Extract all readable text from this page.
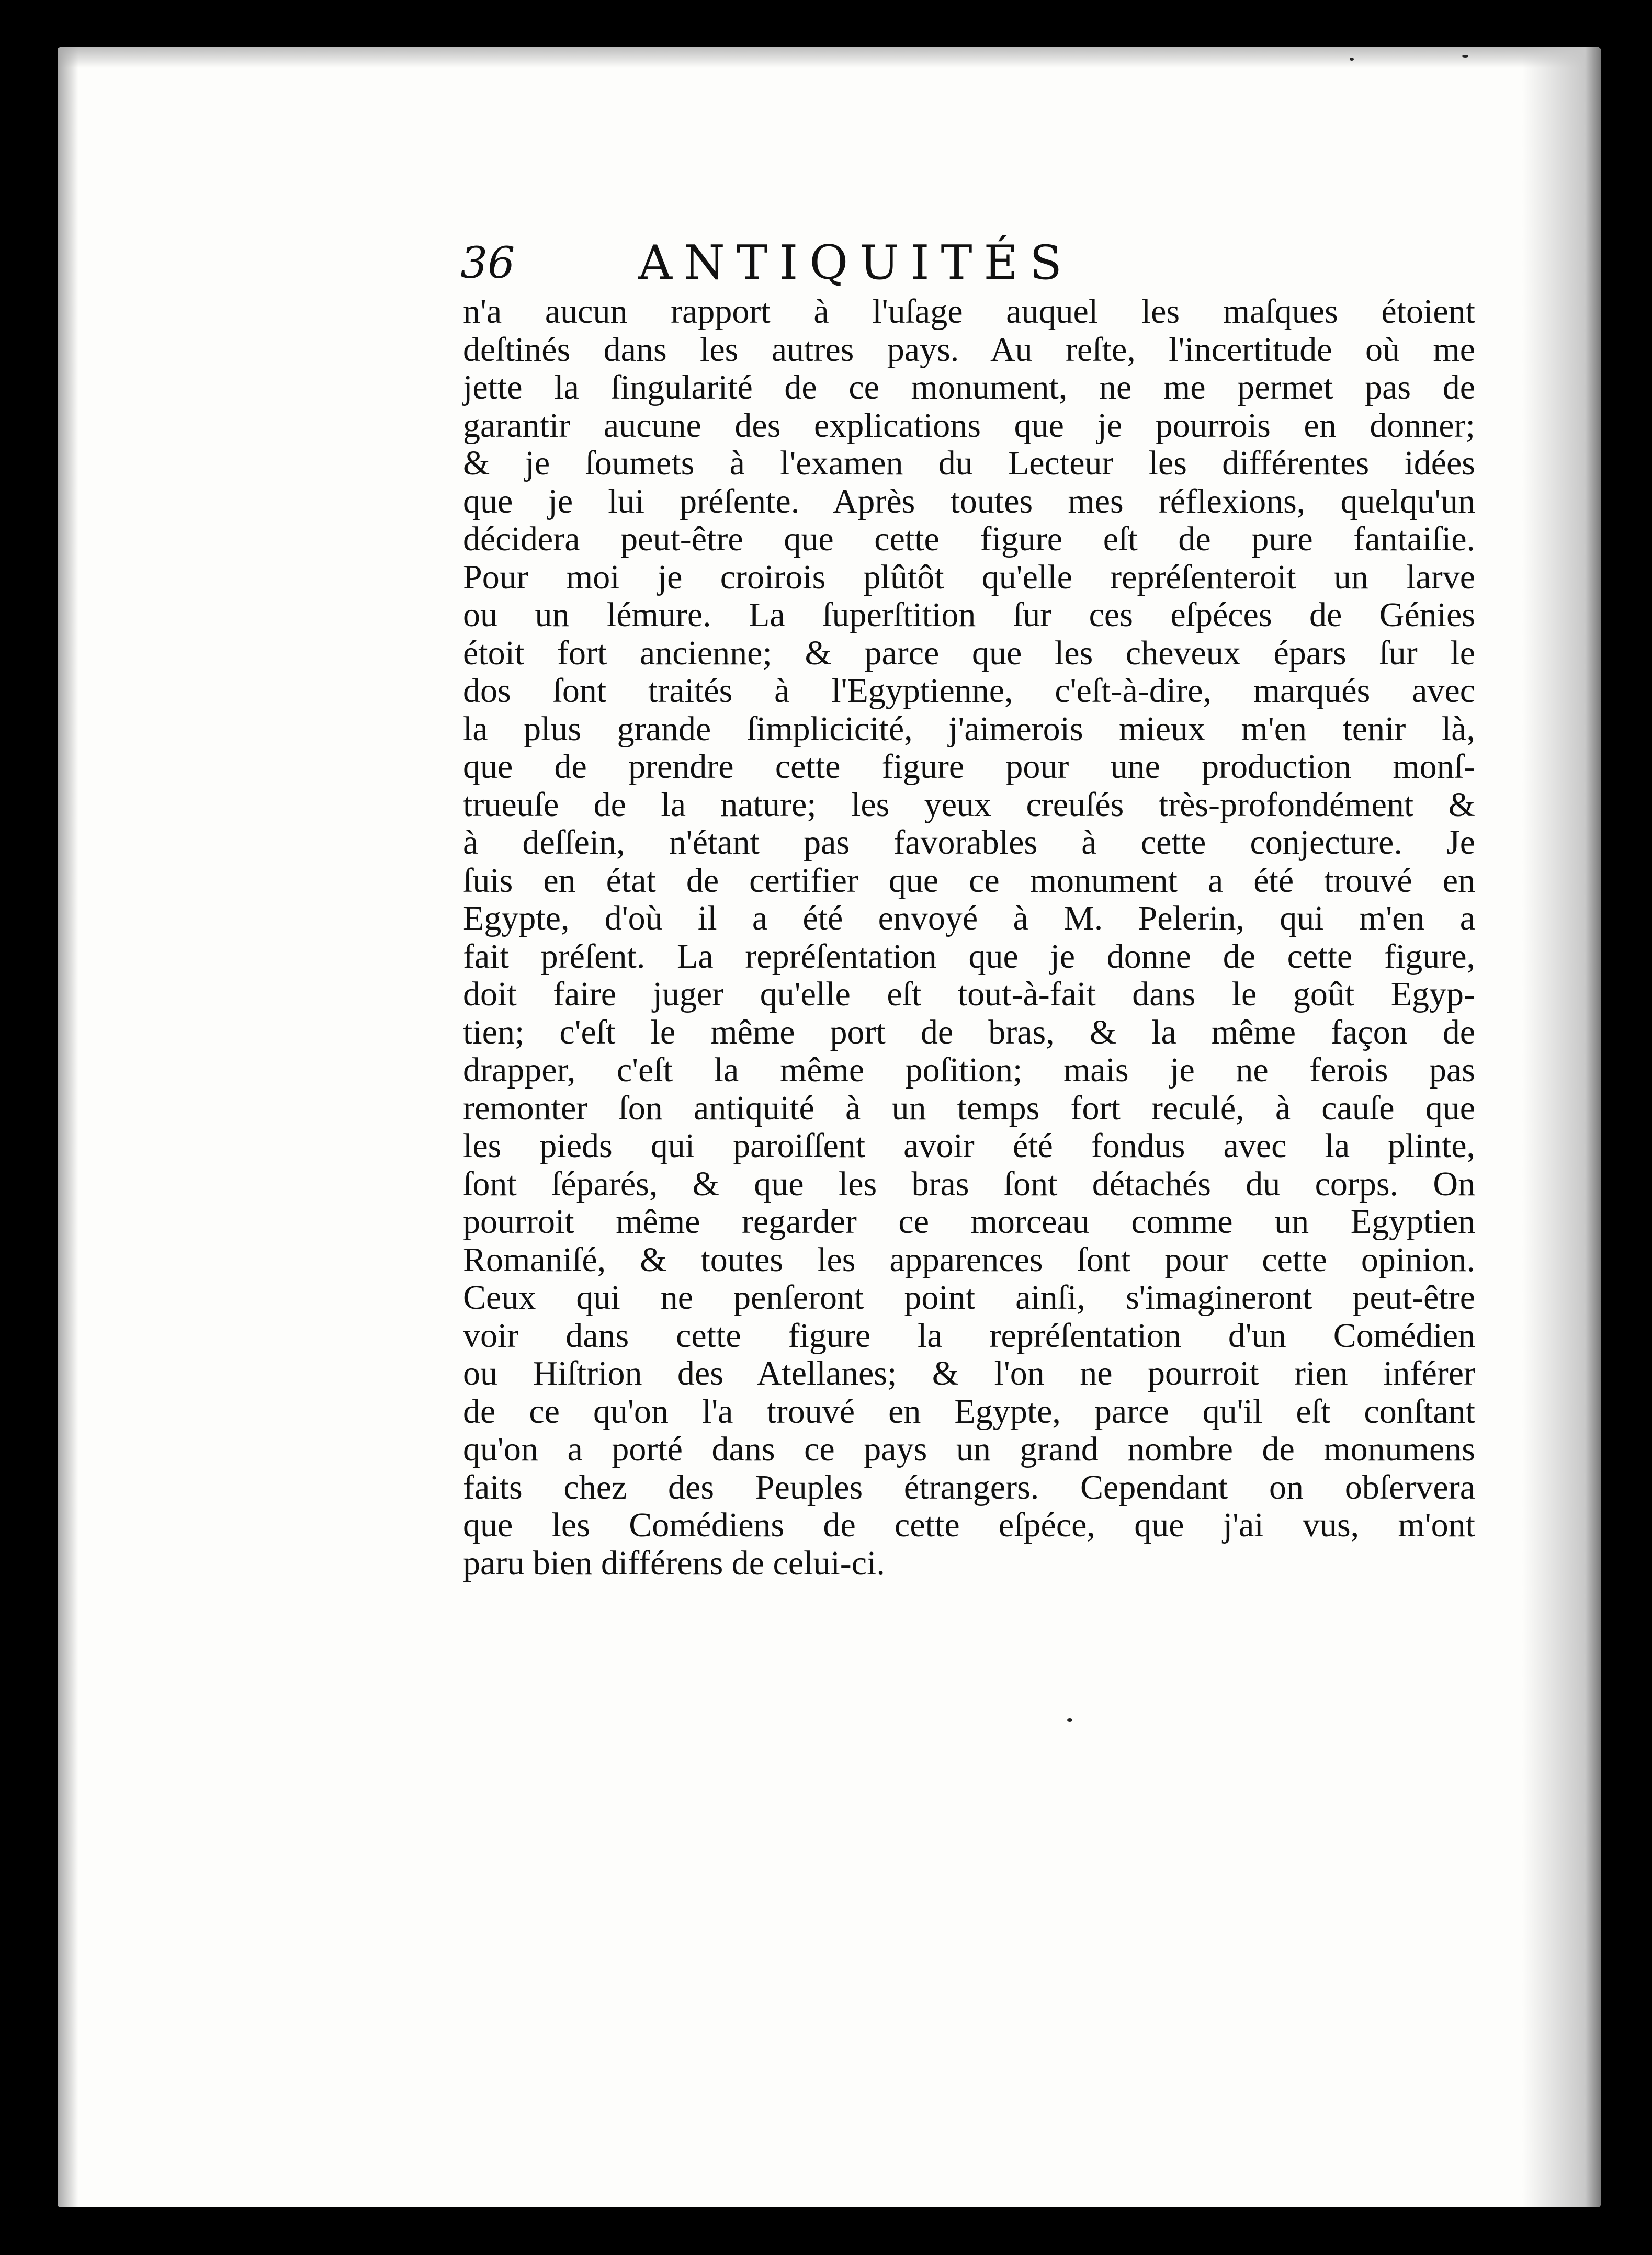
36	ANTIQUITÉS
n'a aucun rapport à l'uſage auquel les maſques étoient
deſtinés dans les autres pays. Au reſte, l'incertitude où me
jette la ſingularité de ce monument, ne me permet pas de
garantir aucune des explications que je pourrois en donner;
& je ſoumets à l'examen du Lecteur les différentes idées
que je lui préſente. Après toutes mes réflexions, quelqu'un
décidera peut-être que cette figure eſt de pure fantaiſie.
Pour moi je croirois plûtôt qu'elle repréſenteroit un larve
ou un lémure. La ſuperſtition ſur ces eſpéces de Génies
étoit fort ancienne; & parce que les cheveux épars ſur le
dos ſont traités à l'Egyptienne, c'eſt-à-dire, marqués avec
la plus grande ſimplicicité, j'aimerois mieux m'en tenir là,
que de prendre cette figure pour une production monſ-
trueuſe de la nature; les yeux creuſés très-profondément &
à deſſein, n'étant pas favorables à cette conjecture. Je
ſuis en état de certifier que ce monument a été trouvé en
Egypte, d'où il a été envoyé à M. Pelerin, qui m'en a
fait préſent. La repréſentation que je donne de cette figure,
doit faire juger qu'elle eſt tout-à-fait dans le goût Egyp-
tien; c'eſt le même port de bras, & la même façon de
drapper, c'eſt la même poſition; mais je ne ferois pas
remonter ſon antiquité à un temps fort reculé, à cauſe que
les pieds qui paroiſſent avoir été fondus avec la plinte,
ſont ſéparés, & que les bras ſont détachés du corps. On
pourroit même regarder ce morceau comme un Egyptien
Romaniſé, & toutes les apparences ſont pour cette opinion.
Ceux qui ne penſeront point ainſi, s'imagineront peut-être
voir dans cette figure la repréſentation d'un Comédien
ou Hiſtrion des Atellanes; & l'on ne pourroit rien inférer
de ce qu'on l'a trouvé en Egypte, parce qu'il eſt conſtant
qu'on a porté dans ce pays un grand nombre de monumens
faits chez des Peuples étrangers. Cependant on obſervera
que les Comédiens de cette eſpéce, que j'ai vus, m'ont
paru bien différens de celui-ci.
